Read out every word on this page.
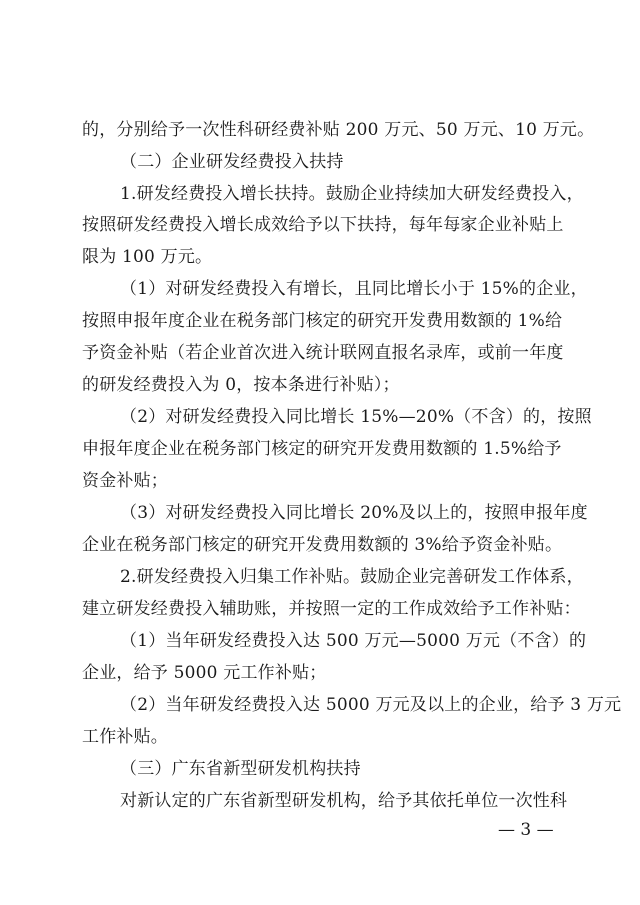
的，分别给予一次性科研经费补贴 200 万元、50 万元、10 万元。
（二）企业研发经费投入扶持
1.研发经费投入增长扶持。鼓励企业持续加大研发经费投入，
按照研发经费投入增长成效给予以下扶持，每年每家企业补贴上
限为 100 万元。
（1）对研发经费投入有增长，且同比增长小于 15%的企业，
按照申报年度企业在税务部门核定的研究开发费用数额的 1%给
予资金补贴（若企业首次进入统计联网直报名录库，或前一年度
的研发经费投入为 0，按本条进行补贴）；
（2）对研发经费投入同比增长 15%—20%（不含）的，按照
申报年度企业在税务部门核定的研究开发费用数额的 1.5%给予
资金补贴；
（3）对研发经费投入同比增长 20%及以上的，按照申报年度
企业在税务部门核定的研究开发费用数额的 3%给予资金补贴。
2.研发经费投入归集工作补贴。鼓励企业完善研发工作体系，
建立研发经费投入辅助账，并按照一定的工作成效给予工作补贴：
（1）当年研发经费投入达 500 万元—5000 万元（不含）的
企业，给予 5000 元工作补贴；
（2）当年研发经费投入达 5000 万元及以上的企业，给予 3 万元
工作补贴。
（三）广东省新型研发机构扶持
对新认定的广东省新型研发机构，给予其依托单位一次性科
— 3 —
